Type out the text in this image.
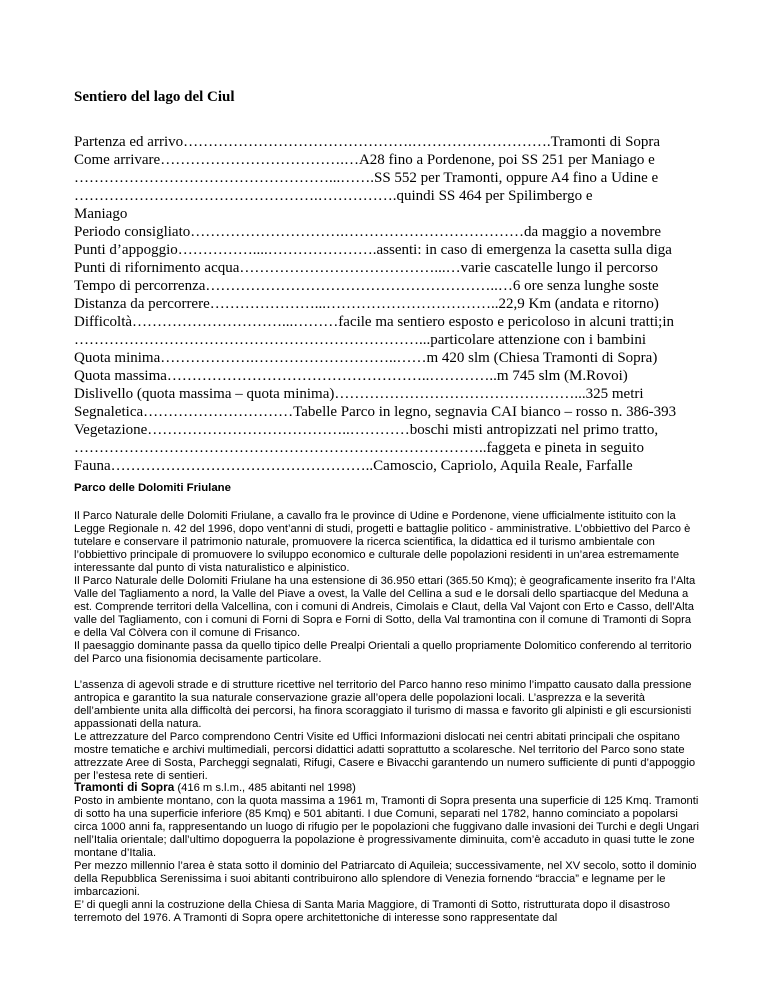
Sentiero del lago del Ciul

Partenza ed arrivo……………………………………….……………………….Tramonti di Sopra

Come arrivare……………………………….…A28 fino a Pordenone, poi SS 251 per Maniago e

……………………………………………...…….SS 552 per Tramonti, oppure A4 fino a Udine e

………………………………………….…………….quindi SS 464 per Spilimbergo e

Maniago

Periodo consigliato………………………….………………………………da maggio a novembre

Punti d’appoggio……………....………………….assenti: in caso di emergenza la casetta sulla diga

Punti di rifornimento acqua…………………………………...…varie cascatelle lungo il percorso

Tempo di percorrenza…………………………………………………..…6 ore senza lunghe soste

Distanza da percorrere…………………...……………………………..22,9 Km (andata e ritorno)

Difficoltà…………………………...………facile ma sentiero esposto e pericoloso in alcuni tratti;in

……………………………………………………………...particolare attenzione con i bambini

Quota minima……………….………………………..……m 420 slm (Chiesa Tramonti di Sopra)

Quota massima……………………………………………..…………..m 745 slm (M.Rovoi)

Dislivello (quota massima – quota minima)…………………………………………...325 metri

Segnaletica…………………………Tabelle Parco in legno, segnavia CAI bianco – rosso n. 386-393

Vegetazione…………………………………..…………boschi misti antropizzati nel primo tratto,

………………………………………………………………………..faggeta e pineta in seguito

Fauna……………………………………………..Camoscio, Capriolo, Aquila Reale, Farfalle

Parco delle Dolomiti Friulane

Il Parco Naturale delle Dolomiti Friulane, a cavallo fra le province di Udine e Pordenone, viene ufficialmente istituito con la Legge Regionale n. 42 del 1996, dopo vent’anni di studi, progetti e battaglie politico - amministrative. L’obbiettivo del Parco è tutelare e conservare il patrimonio naturale, promuovere la ricerca scientifica, la didattica ed il turismo ambientale con l’obbiettivo principale di promuovere lo sviluppo economico e culturale delle popolazioni residenti in un’area estremamente interessante dal punto di vista naturalistico e alpinistico.

Il Parco Naturale delle Dolomiti Friulane ha una estensione di 36.950 ettari (365.50 Kmq); è geograficamente inserito fra l’Alta Valle del Tagliamento a nord, la Valle del Piave a ovest, la Valle del Cellina a sud e le dorsali dello spartiacque del Meduna a est. Comprende territori della Valcellina, con i comuni di Andreis, Cimolais e Claut, della Val Vajont con Erto e Casso, dell’Alta valle del Tagliamento, con i comuni di Forni di Sopra e Forni di Sotto, della Val tramontina con il comune di Tramonti di Sopra e della Val Còlvera con il comune di Frisanco.

Il paesaggio dominante passa da quello tipico delle Prealpi Orientali a quello propriamente Dolomitico conferendo al territorio del Parco una fisionomia decisamente particolare.

L’assenza di agevoli strade e di strutture ricettive nel territorio del Parco hanno reso minimo l’impatto causato dalla pressione antropica e garantito la sua naturale conservazione grazie all’opera delle popolazioni locali. L’asprezza e la severità dell’ambiente unita alla difficoltà dei percorsi, ha finora scoraggiato il turismo di massa e favorito gli alpinisti e gli escursionisti appassionati della natura.

Le attrezzature del Parco comprendono Centri Visite ed Uffici Informazioni dislocati nei centri abitati principali che ospitano mostre tematiche e archivi multimediali, percorsi didattici adatti soprattutto a scolaresche. Nel territorio del Parco sono state attrezzate Aree di Sosta, Parcheggi segnalati, Rifugi, Casere e Bivacchi garantendo un numero sufficiente di punti d’appoggio per l’estesa rete di sentieri.

Tramonti di Sopra (416 m s.l.m., 485 abitanti nel 1998)

Posto in ambiente montano, con la quota massima a 1961 m, Tramonti di Sopra presenta una superficie di 125 Kmq. Tramonti di sotto ha una superficie inferiore (85 Kmq) e 501 abitanti. I due Comuni, separati nel 1782, hanno cominciato a popolarsi circa 1000 anni fa, rappresentando un luogo di rifugio per le popolazioni che fuggivano dalle invasioni dei Turchi e degli Ungari nell’Italia orientale; dall’ultimo dopoguerra la popolazione è progressivamente diminuita, com’è accaduto in quasi tutte le zone montane d’Italia.

Per mezzo millennio l’area è stata sotto il dominio del Patriarcato di Aquileia; successivamente, nel XV secolo, sotto il dominio della Repubblica Serenissima i suoi abitanti contribuirono allo splendore di Venezia fornendo “braccia” e legname per le imbarcazioni.

E’ di quegli anni la costruzione della Chiesa di Santa Maria Maggiore, di Tramonti di Sotto, ristrutturata dopo il disastroso terremoto del 1976. A Tramonti di Sopra opere architettoniche di interesse sono rappresentate dal
